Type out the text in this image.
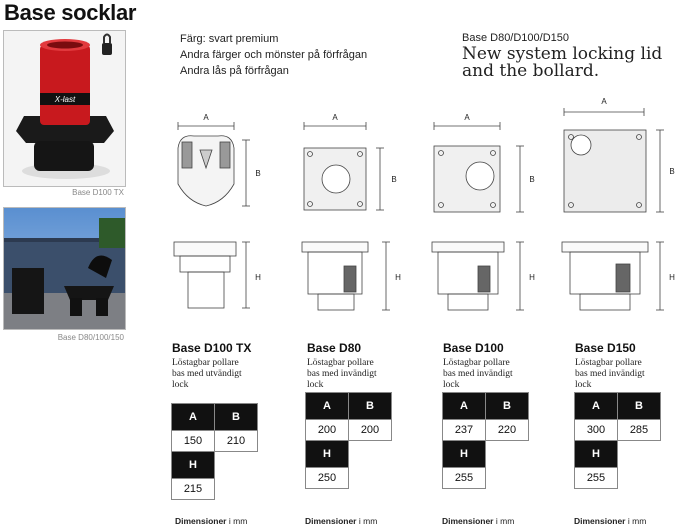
Base socklar
X-last
Base D100 TX
Base D80/100/150
Färg: svart premium
Andra färger och mönster på förfrågan
Andra lås på förfrågan
Base D80/D100/D150
New system locking lid
and the bollard.
A
B
H
A
B
H
A
B
H
A
B
H
Base D100 TX
Löstagbar pollare
bas med utvändigt
lock
A	B
150	210
H	
215	
Dimensioner i mm
Base D80
Löstagbar pollare
bas med invändigt
lock
A	B
200	200
H	
250	
Dimensioner i mm
Base D100
Löstagbar pollare
bas med invändigt
lock
A	B
237	220
H	
255	
Dimensioner i mm
Base D150
Löstagbar pollare
bas med invändigt
lock
A	B
300	285
H	
255	
Dimensioner i mm
